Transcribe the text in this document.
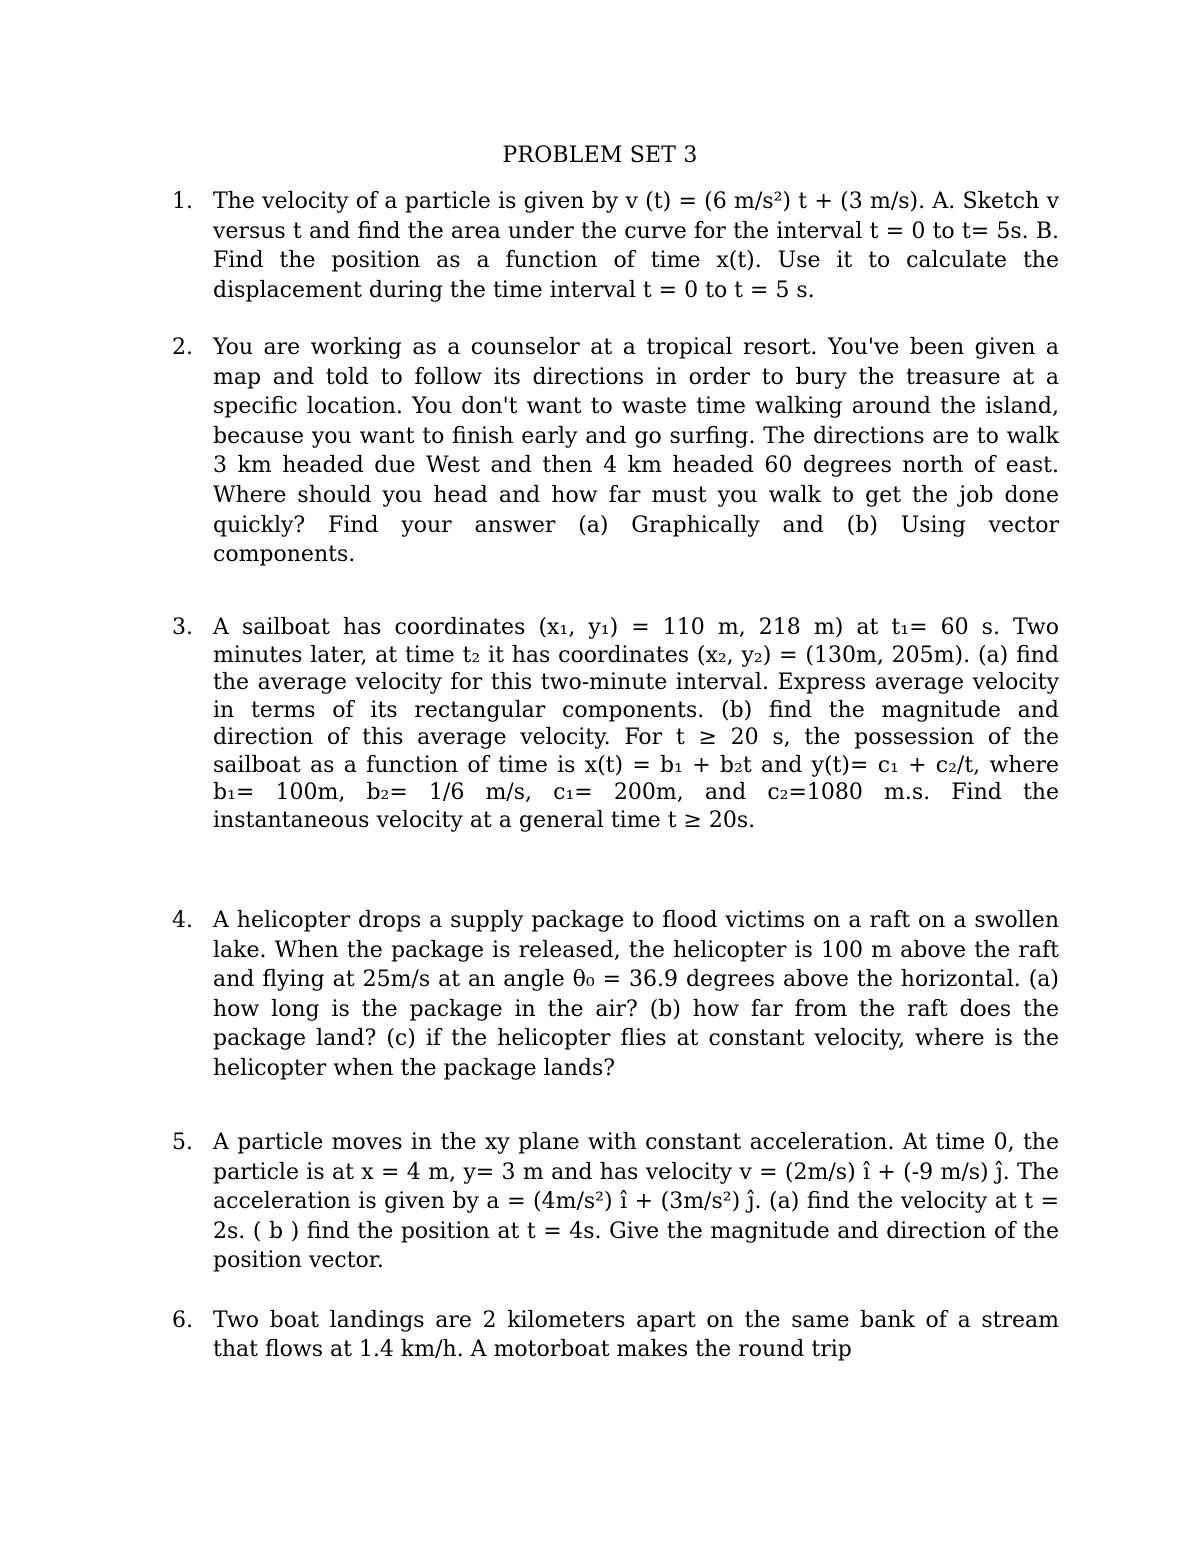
PROBLEM SET 3
1. The velocity of a particle is given by v (t) = (6 m/s²) t + (3 m/s). A. Sketch v versus t and find the area under the curve for the interval t = 0 to t= 5s. B. Find the position as a function of time x(t). Use it to calculate the displacement during the time interval t = 0 to t = 5 s.

2. You are working as a counselor at a tropical resort. You've been given a map and told to follow its directions in order to bury the treasure at a specific location. You don't want to waste time walking around the island, because you want to finish early and go surfing. The directions are to walk 3 km headed due West and then 4 km headed 60 degrees north of east. Where should you head and how far must you walk to get the job done quickly? Find your answer (a) Graphically and (b) Using vector components.

3. A sailboat has coordinates (x₁, y₁) = 110 m, 218 m) at t₁= 60 s. Two minutes later, at time t₂ it has coordinates (x₂, y₂) = (130m, 205m). (a) find the average velocity for this two-minute interval. Express average velocity in terms of its rectangular components. (b) find the magnitude and direction of this average velocity. For t ≥ 20 s, the possession of the sailboat as a function of time is x(t) = b₁ + b₂t and y(t)= c₁ + c₂/t, where b₁= 100m, b₂= 1/6 m/s, c₁= 200m, and c₂=1080 m.s. Find the instantaneous velocity at a general time t ≥ 20s.

4. A helicopter drops a supply package to flood victims on a raft on a swollen lake. When the package is released, the helicopter is 100 m above the raft and flying at 25m/s at an angle θ₀ = 36.9 degrees above the horizontal. (a) how long is the package in the air? (b) how far from the raft does the package land? (c) if the helicopter flies at constant velocity, where is the helicopter when the package lands?

5. A particle moves in the xy plane with constant acceleration. At time 0, the particle is at x = 4 m, y= 3 m and has velocity v = (2m/s) î + (-9 m/s) ĵ. The acceleration is given by a = (4m/s²) î + (3m/s²) ĵ. (a) find the velocity at t = 2s. ( b ) find the position at t = 4s. Give the magnitude and direction of the position vector.

6. Two boat landings are 2 kilometers apart on the same bank of a stream that flows at 1.4 km/h. A motorboat makes the round trip
